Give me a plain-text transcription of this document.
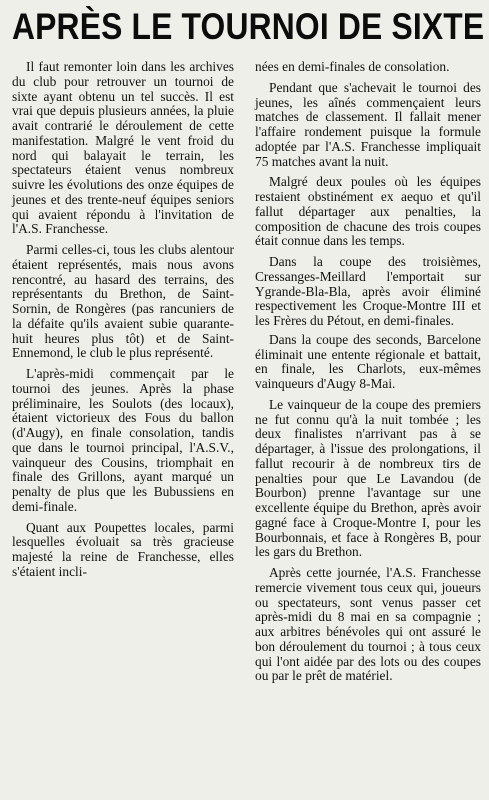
APRÈS LE TOURNOI DE SIXTE

Il faut remonter loin dans les archives du club pour retrouver un tournoi de sixte ayant obtenu un tel succès. Il est vrai que depuis plusieurs années, la pluie avait contrarié le déroulement de cette manifestation. Malgré le vent froid du nord qui balayait le terrain, les spectateurs étaient venus nombreux suivre les évolutions des onze équipes de jeunes et des trente-neuf équipes seniors qui avaient répondu à l'invitation de l'A.S. Franchesse.

Parmi celles-ci, tous les clubs alentour étaient représentés, mais nous avons rencontré, au hasard des terrains, des représentants du Brethon, de Saint-Sornin, de Rongères (pas rancuniers de la défaite qu'ils avaient subie quarante-huit heures plus tôt) et de Saint-Ennemond, le club le plus représenté.

L'après-midi commençait par le tournoi des jeunes. Après la phase préliminaire, les Soulots (des locaux), étaient victorieux des Fous du ballon (d'Augy), en finale consolation, tandis que dans le tournoi principal, l'A.S.V., vainqueur des Cousins, triomphait en finale des Grillons, ayant marqué un penalty de plus que les Bubussiens en demi-finale.

Quant aux Poupettes locales, parmi lesquelles évoluait sa très gracieuse majesté la reine de Franchesse, elles s'étaient incli-

nées en demi-finales de consolation.

Pendant que s'achevait le tournoi des jeunes, les aînés commençaient leurs matches de classement. Il fallait mener l'affaire rondement puisque la formule adoptée par l'A.S. Franchesse impliquait 75 matches avant la nuit.

Malgré deux poules où les équipes restaient obstinément ex aequo et qu'il fallut départager aux penalties, la composition de chacune des trois coupes était connue dans les temps.

Dans la coupe des troisièmes, Cressanges-Meillard l'emportait sur Ygrande-Bla-Bla, après avoir éliminé respectivement les Croque-Montre III et les Frères du Pétout, en demi-finales.

Dans la coupe des seconds, Barcelone éliminait une entente régionale et battait, en finale, les Charlots, eux-mêmes vainqueurs d'Augy 8-Mai.

Le vainqueur de la coupe des premiers ne fut connu qu'à la nuit tombée ; les deux finalistes n'arrivant pas à se départager, à l'issue des prolongations, il fallut recourir à de nombreux tirs de penalties pour que Le Lavandou (de Bourbon) prenne l'avantage sur une excellente équipe du Brethon, après avoir gagné face à Croque-Montre I, pour les Bourbonnais, et face à Rongères B, pour les gars du Brethon.

Après cette journée, l'A.S. Franchesse remercie vivement tous ceux qui, joueurs ou spectateurs, sont venus passer cet après-midi du 8 mai en sa compagnie ; aux arbitres bénévoles qui ont assuré le bon déroulement du tournoi ; à tous ceux qui l'ont aidée par des lots ou des coupes ou par le prêt de matériel.
